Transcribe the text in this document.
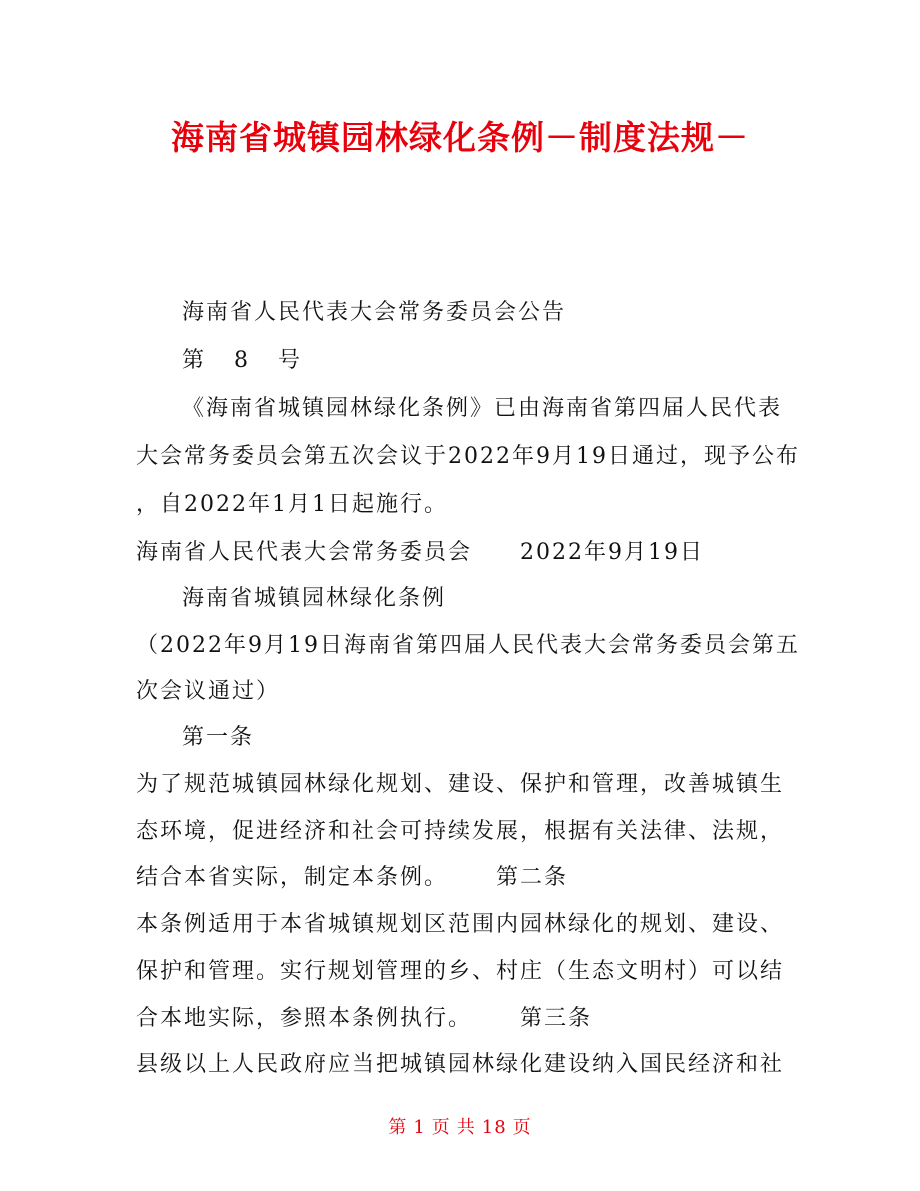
海南省城镇园林绿化条例－制度法规－
海南省人民代表大会常务委员会公告
第 8 号
《海南省城镇园林绿化条例》已由海南省第四届人民代表
大会常务委员会第五次会议于2022年9月19日通过，现予公布
，自2022年1月1日起施行。
海南省人民代表大会常务委员会 2022年9月19日
海南省城镇园林绿化条例
（2022年9月19日海南省第四届人民代表大会常务委员会第五
次会议通过）
第一条
为了规范城镇园林绿化规划、建设、保护和管理，改善城镇生
态环境，促进经济和社会可持续发展，根据有关法律、法规，
结合本省实际，制定本条例。 第二条
本条例适用于本省城镇规划区范围内园林绿化的规划、建设、
保护和管理。实行规划管理的乡、村庄（生态文明村）可以结
合本地实际，参照本条例执行。 第三条
县级以上人民政府应当把城镇园林绿化建设纳入国民经济和社
第 1 页 共 18 页
